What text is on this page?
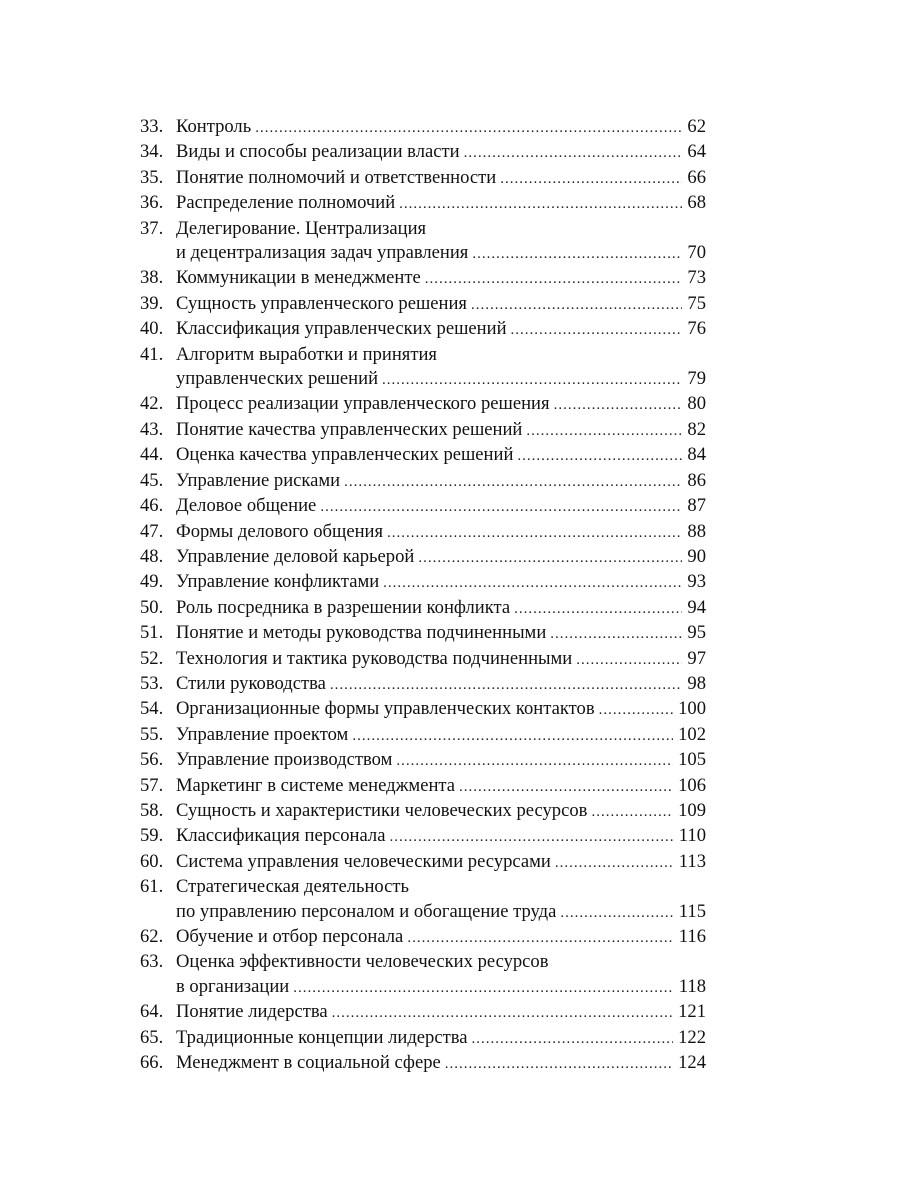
33. Контроль .....	62
34. Виды и способы реализации власти .....	64
35. Понятие полномочий и ответственности .....	66
36. Распределение полномочий .....	68
37. Делегирование. Централизация
и децентрализация задач управления .....	70
38. Коммуникации в менеджменте .....	73
39. Сущность управленческого решения .....	75
40. Классификация управленческих решений .....	76
41. Алгоритм выработки и принятия
управленческих решений .....	79
42. Процесс реализации управленческого решения .....	80
43. Понятие качества управленческих решений .....	82
44. Оценка качества управленческих решений .....	84
45. Управление рисками .....	86
46. Деловое общение .....	87
47. Формы делового общения .....	88
48. Управление деловой карьерой .....	90
49. Управление конфликтами .....	93
50. Роль посредника в разрешении конфликта .....	94
51. Понятие и методы руководства подчиненными .....	95
52. Технология и тактика руководства подчиненными .....	97
53. Стили руководства .....	98
54. Организационные формы управленческих контактов .....	100
55. Управление проектом .....	102
56. Управление производством .....	105
57. Маркетинг в системе менеджмента .....	106
58. Сущность и характеристики человеческих ресурсов .....	109
59. Классификация персонала .....	110
60. Система управления человеческими ресурсами .....	113
61. Стратегическая деятельность
по управлению персоналом и обогащение труда .....	115
62. Обучение и отбор персонала .....	116
63. Оценка эффективности человеческих ресурсов
в организации .....	118
64. Понятие лидерства .....	121
65. Традиционные концепции лидерства .....	122
66. Менеджмент в социальной сфере .....	124
